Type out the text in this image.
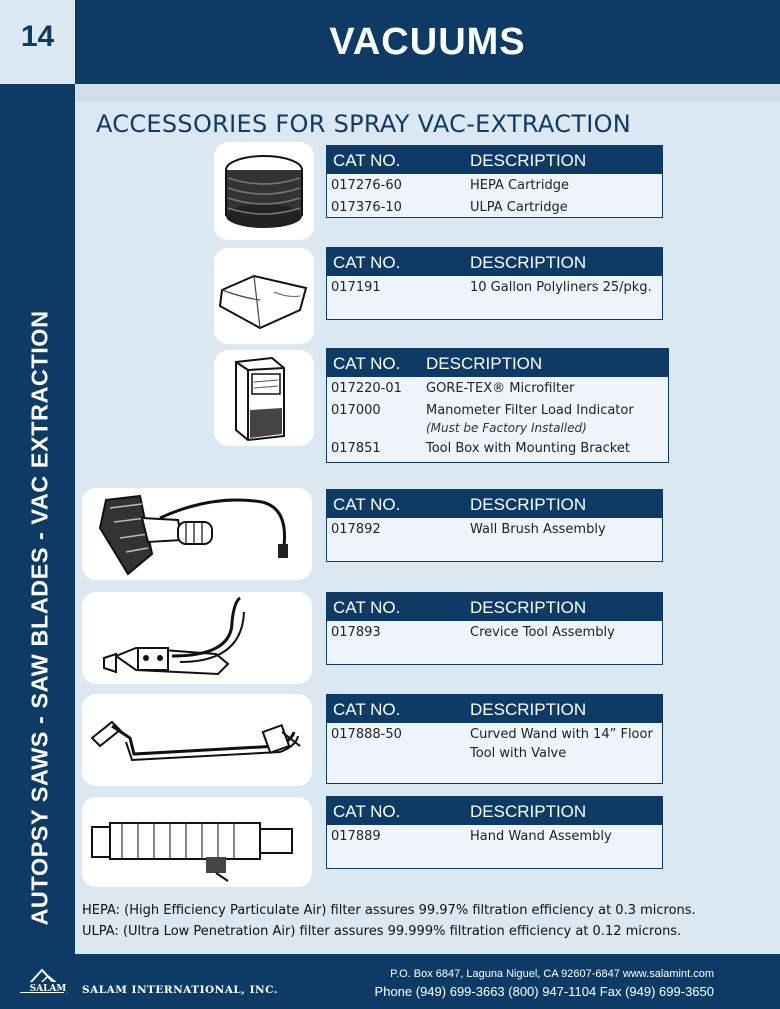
14	VACUUMS
AUTOPSY SAWS - SAW BLADES - VAC EXTRACTION
ACCESSORIES FOR SPRAY VAC-EXTRACTION
CAT NO.	DESCRIPTION
017276-60	HEPA Cartridge
017376-10	ULPA Cartridge
CAT NO.	DESCRIPTION
017191	10 Gallon Polyliners 25/pkg.
CAT NO. DESCRIPTION
017220-01 GORE-TEX® Microfilter
017000	Manometer Filter Load Indicator
(Must be Factory Installed)
017851	Tool Box with Mounting Bracket
CAT NO.	DESCRIPTION
017892	Wall Brush Assembly
CAT NO.	DESCRIPTION
017893	Crevice Tool Assembly
CAT NO.	DESCRIPTION
017888-50	Curved Wand with 14” Floor
Tool with Valve
CAT NO.	DESCRIPTION
017889	Hand Wand Assembly
HEPA: (High Efficiency Particulate Air) filter assures 99.97% filtration efficiency at 0.3 microns.
ULPA: (Ultra Low Penetration Air) filter assures 99.999% filtration efficiency at 0.12 microns.
SALAM SALAM INTERNATIONAL, INC.
P.O. Box 6847, Laguna Niguel, CA 92607-6847 www.salamint.com
Phone (949) 699-3663 (800) 947-1104 Fax (949) 699-3650
